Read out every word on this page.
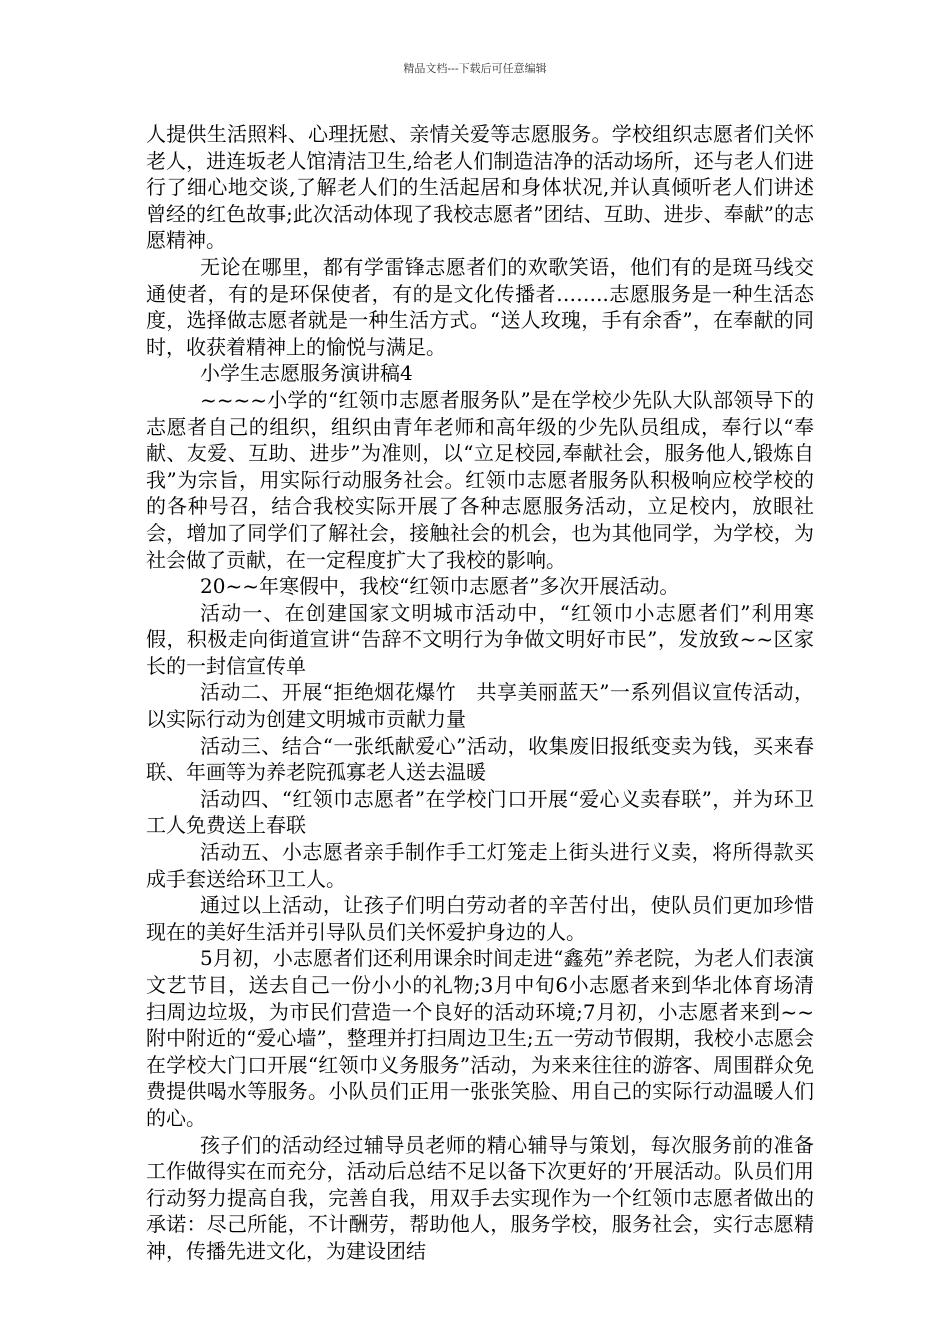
精品文档---下载后可任意编辑

人提供生活照料、心理抚慰、亲情关爱等志愿服务。学校组织志愿者们关怀老人，进连坂老人馆清洁卫生,给老人们制造洁净的活动场所，还与老人们进行了细心地交谈,了解老人们的生活起居和身体状况,并认真倾听老人们讲述曾经的红色故事;此次活动体现了我校志愿者”团结、互助、进步、奉献”的志愿精神。

无论在哪里，都有学雷锋志愿者们的欢歌笑语，他们有的是斑马线交通使者，有的是环保使者，有的是文化传播者……..志愿服务是一种生活态度，选择做志愿者就是一种生活方式。“送人玫瑰，手有余香”，在奉献的同时，收获着精神上的愉悦与满足。

小学生志愿服务演讲稿4

~~~~小学的“红领巾志愿者服务队”是在学校少先队大队部领导下的志愿者自己的组织，组织由青年老师和高年级的少先队员组成，奉行以“奉献、友爱、互助、进步”为准则，以“立足校园,奉献社会，服务他人,锻炼自我”为宗旨，用实际行动服务社会。红领巾志愿者服务队积极响应校学校的的各种号召，结合我校实际开展了各种志愿服务活动，立足校内，放眼社会，增加了同学们了解社会，接触社会的机会，也为其他同学，为学校，为社会做了贡献，在一定程度扩大了我校的影响。

20~~年寒假中，我校“红领巾志愿者”多次开展活动。

活动一、在创建国家文明城市活动中，“红领巾小志愿者们”利用寒假，积极走向街道宣讲“告辞不文明行为争做文明好市民”，发放致~~区家长的一封信宣传单

活动二、开展“拒绝烟花爆竹　共享美丽蓝天”一系列倡议宣传活动，以实际行动为创建文明城市贡献力量

活动三、结合“一张纸献爱心”活动，收集废旧报纸变卖为钱，买来春联、年画等为养老院孤寡老人送去温暖

活动四、“红领巾志愿者”在学校门口开展“爱心义卖春联”，并为环卫工人免费送上春联

活动五、小志愿者亲手制作手工灯笼走上街头进行义卖，将所得款买成手套送给环卫工人。

通过以上活动，让孩子们明白劳动者的辛苦付出，使队员们更加珍惜现在的美好生活并引导队员们关怀爱护身边的人。

5月初，小志愿者们还利用课余时间走进“鑫苑”养老院，为老人们表演文艺节目，送去自己一份小小的礼物;3月中旬6小志愿者来到华北体育场清扫周边垃圾，为市民们营造一个良好的活动环境;7月初，小志愿者来到~~附中附近的“爱心墙”，整理并打扫周边卫生;五一劳动节假期，我校小志愿会在学校大门口开展“红领巾义务服务”活动，为来来往往的游客、周围群众免费提供喝水等服务。小队员们正用一张张笑脸、用自己的实际行动温暖人们的心。

孩子们的活动经过辅导员老师的精心辅导与策划，每次服务前的准备工作做得实在而充分，活动后总结不足以备下次更好的’开展活动。队员们用行动努力提高自我，完善自我，用双手去实现作为一个红领巾志愿者做出的承诺：尽己所能，不计酬劳，帮助他人，服务学校，服务社会，实行志愿精神，传播先进文化，为建设团结
